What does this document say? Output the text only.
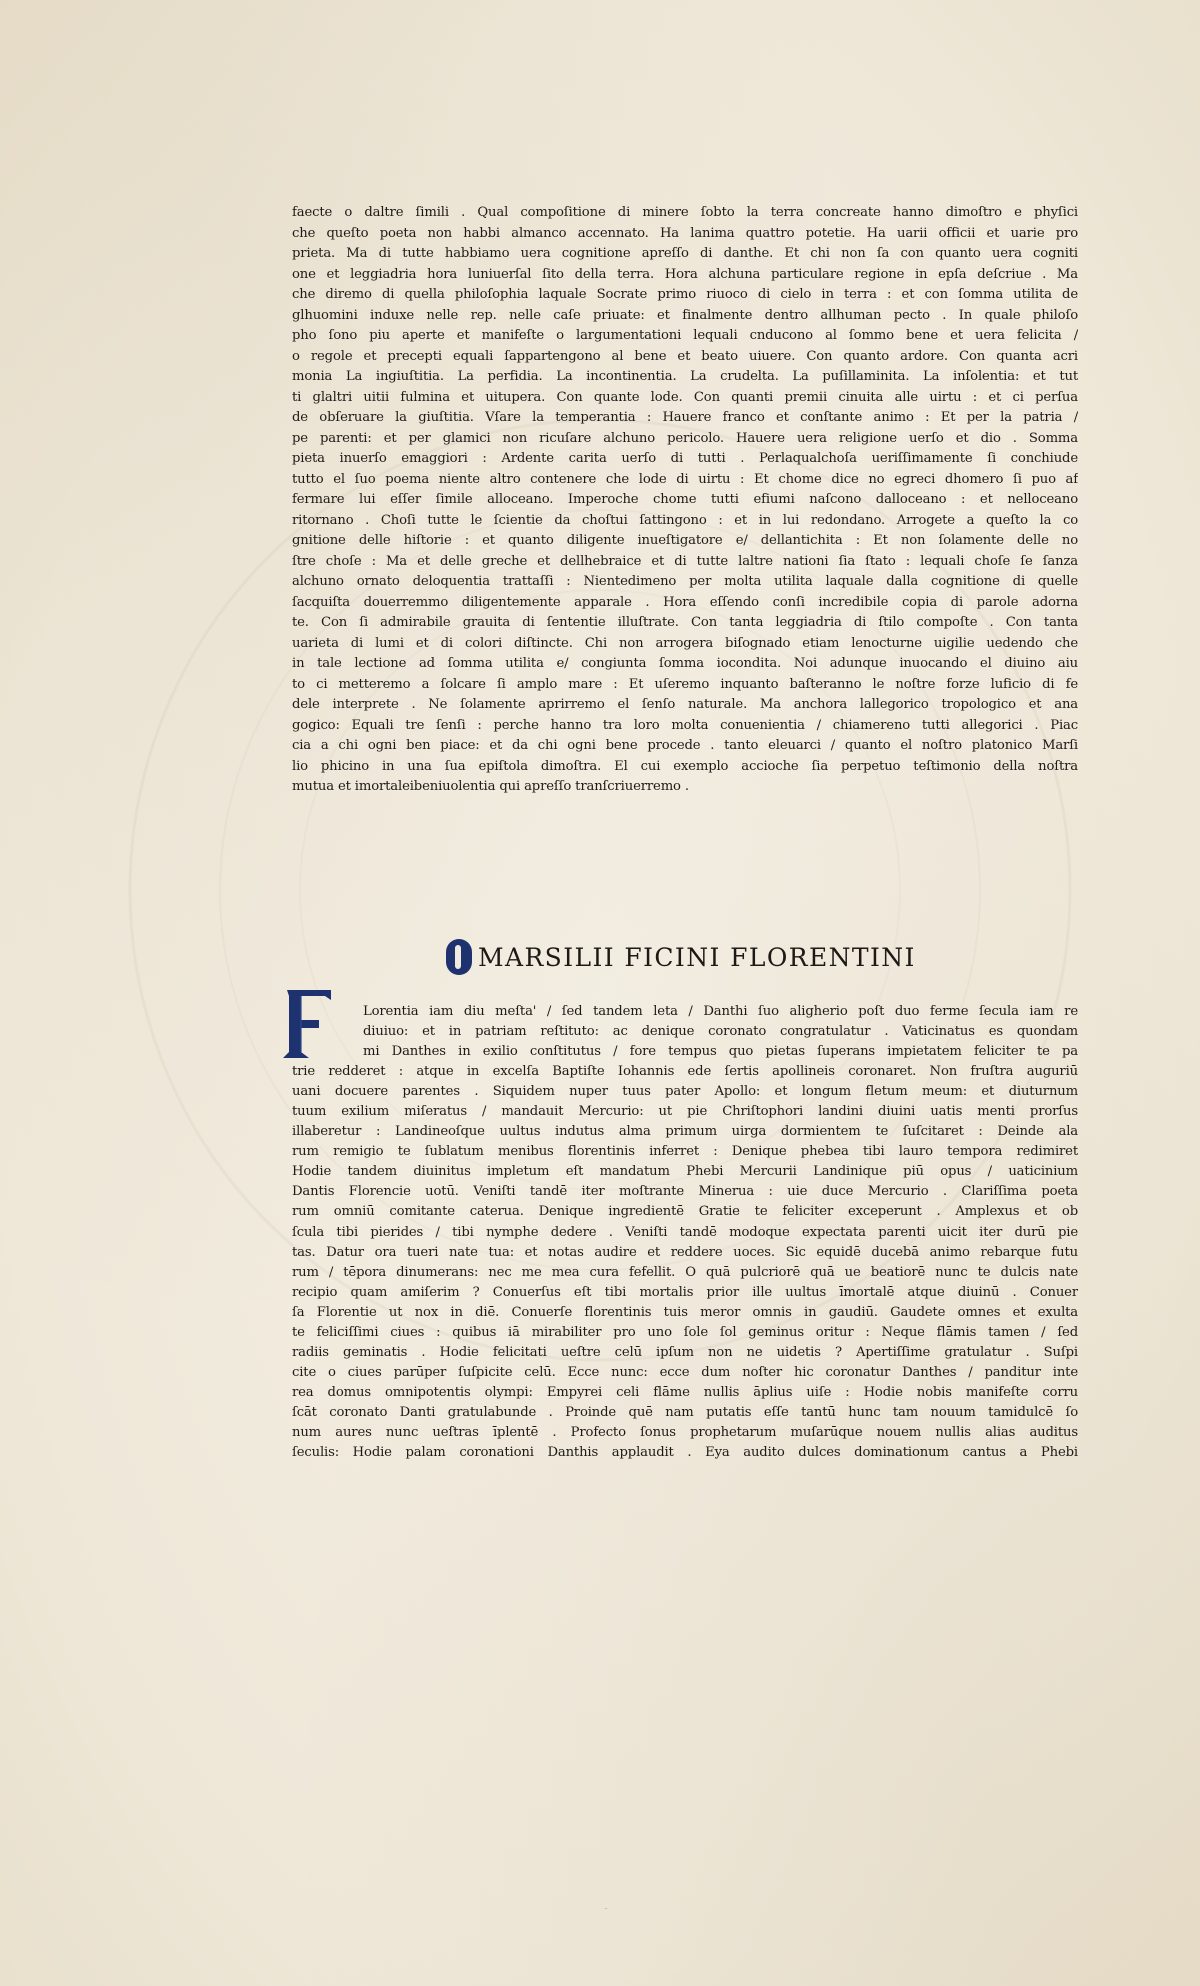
faecte o daltre ſimili . Qual compoſitione di minere ſobto la terra concreate hanno dimoſtro e phyſici
che queſto poeta non habbi almanco accennato. Ha lanima quattro potetie. Ha uarii officii et uarie pro
prieta. Ma di tutte habbiamo uera cognitione apreſſo di danthe. Et chi non ſa con quanto uera cogniti
one et leggiadria hora luniuerſal ſito della terra. Hora alchuna particulare regione in epſa deſcriue . Ma
che diremo di quella philoſophia laquale Socrate primo riuoco di cielo in terra : et con ſomma utilita de
glhuomini induxe nelle rep. nelle caſe priuate: et finalmente dentro allhuman pecto . In quale philoſo
pho ſono piu aperte et manifeſte o largumentationi lequali cnducono al ſommo bene et uera felicita /
o regole et precepti equali ſappartengono al bene et beato uiuere. Con quanto ardore. Con quanta acri
monia La ingiuſtitia. La perfidia. La incontinentia. La crudelta. La puſillaminita. La inſolentia: et tut
ti glaltri uitii fulmina et uitupera. Con quante lode. Con quanti premii cinuita alle uirtu : et ci perſua
de obſeruare la giuſtitia. Vſare la temperantia : Hauere franco et conſtante animo : Et per la patria /
pe parenti: et per glamici non ricuſare alchuno pericolo. Hauere uera religione uerſo et dio . Somma
pieta inuerſo emaggiori : Ardente carita uerſo di tutti . Perlaqualchoſa ueriſſimamente ſi conchiude
tutto el ſuo poema niente altro contenere che lode di uirtu : Et chome dice no egreci dhomero ſi puo af
fermare lui eſſer ſimile alloceano. Imperoche chome tutti efiumi naſcono dalloceano : et nelloceano
ritornano . Choſi tutte le ſcientie da choſtui ſattingono : et in lui redondano. Arrogete a queſto la co
gnitione delle hiſtorie : et quanto diligente inueſtigatore e/ dellantichita : Et non ſolamente delle no
ſtre choſe : Ma et delle greche et dellhebraice et di tutte laltre nationi ſia ſtato : lequali choſe ſe ſanza
alchuno ornato deloquentia trattaſſi : Nientedimeno per molta utilita laquale dalla cognitione di quelle
ſacquiſta douerremmo diligentemente apparale . Hora eſſendo conſi incredibile copia di parole adorna
te. Con ſi admirabile grauita di ſententie illuſtrate. Con tanta leggiadria di ſtilo compoſte . Con tanta
uarieta di lumi et di colori diſtincte. Chi non arrogera biſognado etiam lenocturne uigilie uedendo che
in tale lectione ad ſomma utilita e/ congiunta ſomma iocondita. Noi adunque inuocando el diuino aiu
to ci metteremo a ſolcare ſi amplo mare : Et uſeremo inquanto baſteranno le noſtre forze luficio di fe
dele interprete . Ne ſolamente aprirremo el ſenſo naturale. Ma anchora lallegorico tropologico et ana
gogico: Equali tre ſenſi : perche hanno tra loro molta conuenientia / chiamereno tutti allegorici . Piac
cia a chi ogni ben piace: et da chi ogni bene procede . tanto eleuarci / quanto el noſtro platonico Marſi
lio phicino in una ſua epiſtola dimoſtra. El cui exemplo accioche ſia perpetuo teſtimonio della noſtra
mutua et imortaleibeniuolentia qui apreſſo tranſcriuerremo .
MARSILII FICINI FLORENTINI
Lorentia iam diu meſta' / ſed tandem leta / Danthi ſuo aligherio poſt duo ferme ſecula iam re
diuiuo: et in patriam reſtituto: ac denique coronato congratulatur . Vaticinatus es quondam
mi Danthes in exilio conſtitutus / fore tempus quo pietas ſuperans impietatem feliciter te pa
trie redderet : atque in excelſa Baptiſte Iohannis ede ſertis apollineis coronaret. Non fruſtra auguriū
uani docuere parentes . Siquidem nuper tuus pater Apollo: et longum fletum meum: et diuturnum
tuum exilium miſeratus / mandauit Mercurio: ut pie Chriſtophori landini diuini uatis menti prorſus
illaberetur : Landineoſque uultus indutus alma primum uirga dormientem te ſuſcitaret : Deinde ala
rum remigio te ſublatum menibus florentinis inferret : Denique phebea tibi lauro tempora redimiret
Hodie tandem diuinitus impletum eſt mandatum Phebi Mercurii Landinique piū opus / uaticinium
Dantis Florencie uotū. Veniſti tandē iter moſtrante Minerua : uie duce Mercurio . Clariſſima poeta
rum omniū comitante caterua. Denique ingredientē Gratie te feliciter exceperunt . Amplexus et ob
ſcula tibi pierides / tibi nymphe dedere . Veniſti tandē modoque expectata parenti uicit iter durū pie
tas. Datur ora tueri nate tua: et notas audire et reddere uoces. Sic equidē ducebā animo rebarque futu
rum / tēpora dinumerans: nec me mea cura fefellit. O quā pulcriorē quā ue beatiorē nunc te dulcis nate
recipio quam amiſerim ? Conuerſus eſt tibi mortalis prior ille uultus īmortalē atque diuinū . Conuer
ſa Florentie ut nox in diē. Conuerſe florentinis tuis meror omnis in gaudiū. Gaudete omnes et exulta
te feliciſſimi ciues : quibus iā mirabiliter pro uno ſole ſol geminus oritur : Neque flāmis tamen / ſed
radiis geminatis . Hodie felicitati ueſtre celū ipſum non ne uidetis ? Apertiſſime gratulatur . Suſpi
cite o ciues parūper ſuſpicite celū. Ecce nunc: ecce dum noſter hic coronatur Danthes / panditur inte
rea domus omnipotentis olympi: Empyrei celi flāme nullis āplius uiſe : Hodie nobis manifeſte corru
ſcāt coronato Danti gratulabunde . Proinde quē nam putatis eſſe tantū hunc tam nouum tamidulcē ſo
num aures nunc ueſtras īplentē . Profecto ſonus prophetarum muſarūque nouem nullis alias auditus
ſeculis: Hodie palam coronationi Danthis applaudit . Eya audito dulces dominationum cantus a Phebi
.
